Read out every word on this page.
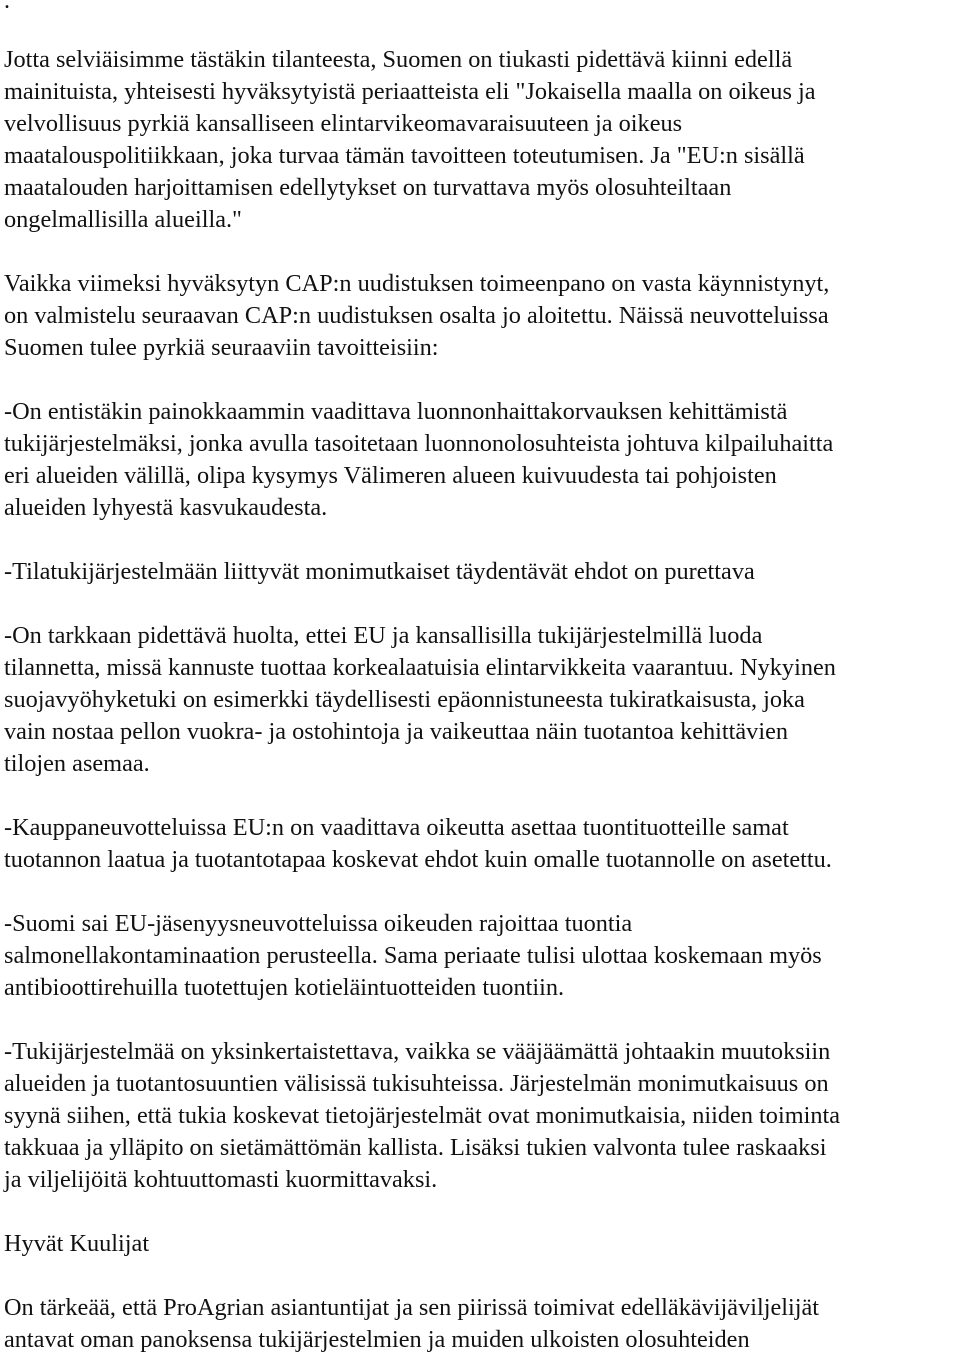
.

Jotta selviäisimme tästäkin tilanteesta, Suomen on tiukasti pidettävä kiinni edellä
mainituista, yhteisesti hyväksytyistä periaatteista eli "Jokaisella maalla on oikeus ja
velvollisuus pyrkiä kansalliseen elintarvikeomavaraisuuteen ja oikeus
maatalouspolitiikkaan, joka turvaa tämän tavoitteen toteutumisen. Ja "EU:n sisällä
maatalouden harjoittamisen edellytykset on turvattava myös olosuhteiltaan
ongelmallisilla alueilla."

Vaikka viimeksi hyväksytyn CAP:n uudistuksen toimeenpano on vasta käynnistynyt,
on valmistelu seuraavan CAP:n uudistuksen osalta jo aloitettu. Näissä neuvotteluissa
Suomen tulee pyrkiä seuraaviin tavoitteisiin:

-On entistäkin painokkaammin vaadittava luonnonhaittakorvauksen kehittämistä
tukijärjestelmäksi, jonka avulla tasoitetaan luonnonolosuhteista johtuva kilpailuhaitta
eri alueiden välillä, olipa kysymys Välimeren alueen kuivuudesta tai pohjoisten
alueiden lyhyestä kasvukaudesta.

-Tilatukijärjestelmään liittyvät monimutkaiset täydentävät ehdot on purettava

-On tarkkaan pidettävä huolta, ettei EU ja kansallisilla tukijärjestelmillä luoda
tilannetta, missä kannuste tuottaa korkealaatuisia elintarvikkeita vaarantuu. Nykyinen
suojavyöhyketuki on esimerkki täydellisesti epäonnistuneesta tukiratkaisusta, joka
vain nostaa pellon vuokra- ja ostohintoja ja vaikeuttaa näin tuotantoa kehittävien
tilojen asemaa.

-Kauppaneuvotteluissa EU:n on vaadittava oikeutta asettaa tuontituotteille samat
tuotannon laatua ja tuotantotapaa koskevat ehdot kuin omalle tuotannolle on asetettu.

-Suomi sai EU-jäsenyysneuvotteluissa oikeuden rajoittaa tuontia
salmonellakontaminaation perusteella. Sama periaate tulisi ulottaa koskemaan myös
antibioottirehuilla tuotettujen kotieläintuotteiden tuontiin.

-Tukijärjestelmää on yksinkertaistettava, vaikka se vääjäämättä johtaakin muutoksiin
alueiden ja tuotantosuuntien välisissä tukisuhteissa. Järjestelmän monimutkaisuus on
syynä siihen, että tukia koskevat tietojärjestelmät ovat monimutkaisia, niiden toiminta
takkuaa ja ylläpito on sietämättömän kallista. Lisäksi tukien valvonta tulee raskaaksi
ja viljelijöitä kohtuuttomasti kuormittavaksi.

Hyvät Kuulijat

On tärkeää, että ProAgrian asiantuntijat ja sen piirissä toimivat edelläkävijäviljelijät
antavat oman panoksensa tukijärjestelmien ja muiden ulkoisten olosuhteiden
